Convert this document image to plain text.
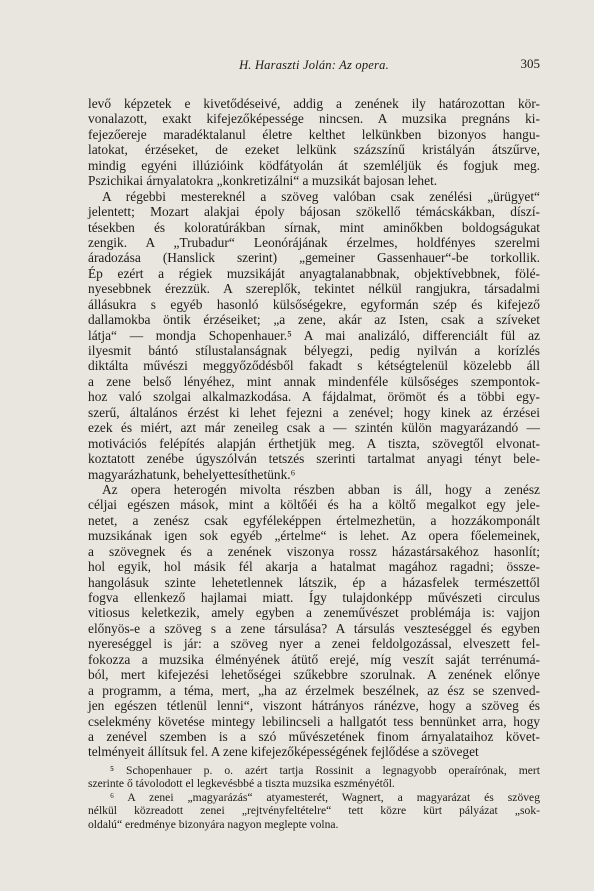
H. Haraszti Jolán: Az opera.	305
levő képzetek e kivetődéseivé, addig a zenének ily határozottan kör-
vonalazott, exakt kifejezőképessége nincsen. A muzsika pregnáns ki-
fejezőereje maradéktalanul életre kelthet lelkünkben bizonyos hangu-
latokat, érzéseket, de ezeket lelkünk százszínű kristályán átszűrve,
mindig egyéni illúzióink ködfátyolán át szemléljük és fogjuk meg.
Pszichikai árnyalatokra „konkretizálni“ a muzsikát bajosan lehet.
A régebbi mestereknél a szöveg valóban csak zenélési „ürügyet“
jelentett; Mozart alakjai époly bájosan szökellő témácskákban, díszí-
tésekben és koloratúrákban sírnak, mint aminőkben boldogságukat
zengik. A „Trubadur“ Leonórájának érzelmes, holdfényes szerelmi
áradozása (Hanslick szerint) „gemeiner Gassenhauer“-be torkollik.
Ép ezért a régiek muzsikáját anyagtalanabbnak, objektívebbnek, fölé-
nyesebbnek érezzük. A szereplők, tekintet nélkül rangjukra, társadalmi
állásukra s egyéb hasonló külsőségekre, egyformán szép és kifejező
dallamokba öntik érzéseiket; „a zene, akár az Isten, csak a szíveket
látja“ — mondja Schopenhauer.⁵ A mai analizáló, differenciált fül az
ilyesmit bántó stílustalanságnak bélyegzi, pedig nyilván a korízlés
diktálta művészi meggyőződésből fakadt s kétségtelenül közelebb áll
a zene belső lényéhez, mint annak mindenféle külsőséges szempontok-
hoz való szolgai alkalmazkodása. A fájdalmat, örömöt és a többi egy-
szerű, általános érzést ki lehet fejezni a zenével; hogy kinek az érzései
ezek és miért, azt már zeneileg csak a — szintén külön magyarázandó —
motivációs felépítés alapján érthetjük meg. A tiszta, szövegtől elvonat-
koztatott zenébe úgyszólván tetszés szerinti tartalmat anyagi tényt bele-
magyarázhatunk, behelyettesíthetünk.⁶
Az opera heterogén mivolta részben abban is áll, hogy a zenész
céljai egészen mások, mint a költőéi és ha a költő megalkot egy jele-
netet, a zenész csak egyféleképpen értelmezhetün, a hozzákomponált
muzsikának igen sok egyéb „értelme“ is lehet. Az opera főelemeinek,
a szövegnek és a zenének viszonya rossz házastársakéhoz hasonlít;
hol egyik, hol másik fél akarja a hatalmat magához ragadni; össze-
hangolásuk szinte lehetetlennek látszik, ép a házasfelek természettől
fogva ellenkező hajlamai miatt. Így tulajdonképp művészeti circulus
vitiosus keletkezik, amely egyben a zeneművészet problémája is: vajjon
előnyös-e a szöveg s a zene társulása? A társulás veszteséggel és egyben
nyereséggel is jár: a szöveg nyer a zenei feldolgozással, elveszett fel-
fokozza a muzsika élményének átütő erejé, míg veszít saját terrénumá-
ból, mert kifejezési lehetőségei szűkebbre szorulnak. A zenének előnye
a programm, a téma, mert, „ha az érzelmek beszélnek, az ész se szenved-
jen egészen tétlenül lenni“, viszont hátrányos ránézve, hogy a szöveg és
cselekmény követése mintegy lebilincseli a hallgatót tess bennünket arra, hogy
a zenével szemben is a szó művészetének finom árnyalataihoz követ-
telményeit állítsuk fel. A zene kifejezőképességének fejlődése a szöveget
⁵ Schopenhauer p. o. azért tartja Rossinit a legnagyobb operaírónak, mert
szerinte ő távolodott el legkevésbbé a tiszta muzsika eszményétől.
⁶ A zenei „magyarázás“ atyamesterét, Wagnert, a magyarázat és szöveg
nélkül közreadott zenei „rejtvényfeltételre“ tett közre kürt pályázat „sok-
oldalú“ eredménye bizonyára nagyon meglepte volna.
